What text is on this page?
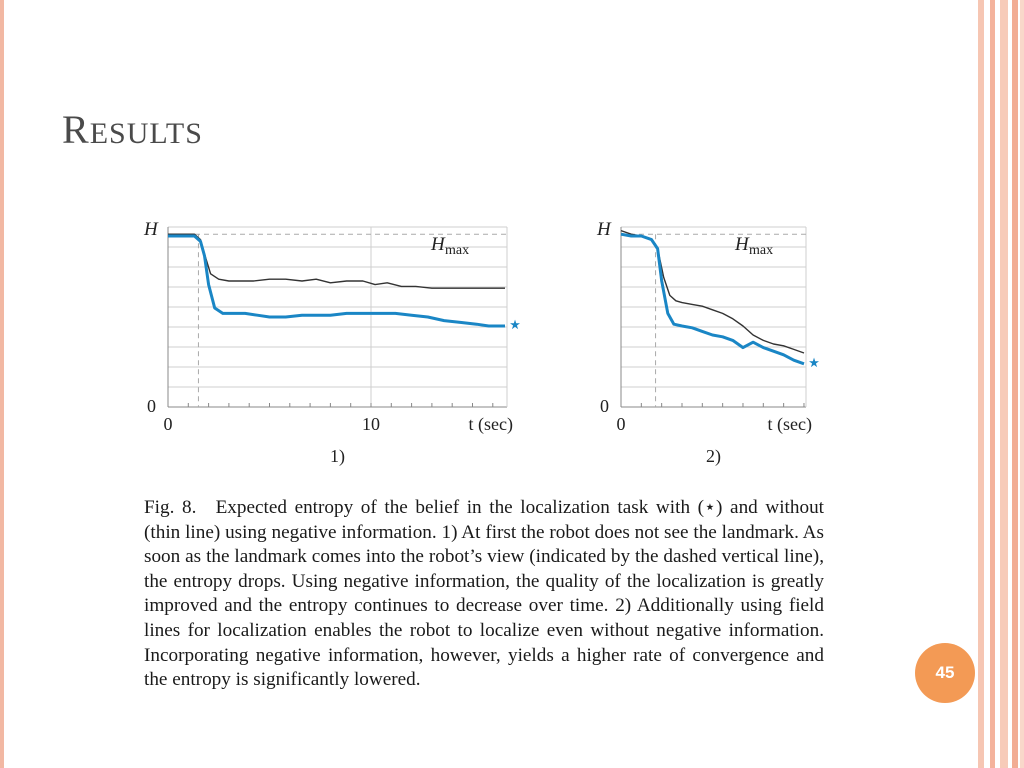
RESULTS
t (sec)
H max
⋆
H
0
0	10
1)
t (sec)
H max
⋆
H
0
0
2)

Fig. 8. Expected entropy of the belief in the localization task with (⋆) and without (thin line) using negative information. 1) At first the robot does not see the landmark. As soon as the landmark comes into the robot’s view (indicated by the dashed vertical line), the entropy drops. Using negative information, the quality of the localization is greatly improved and the entropy continues to decrease over time. 2) Additionally using field lines for localization enables the robot to localize even without negative information. Incorporating negative information, however, yields a higher rate of convergence and the entropy is significantly lowered.	45
